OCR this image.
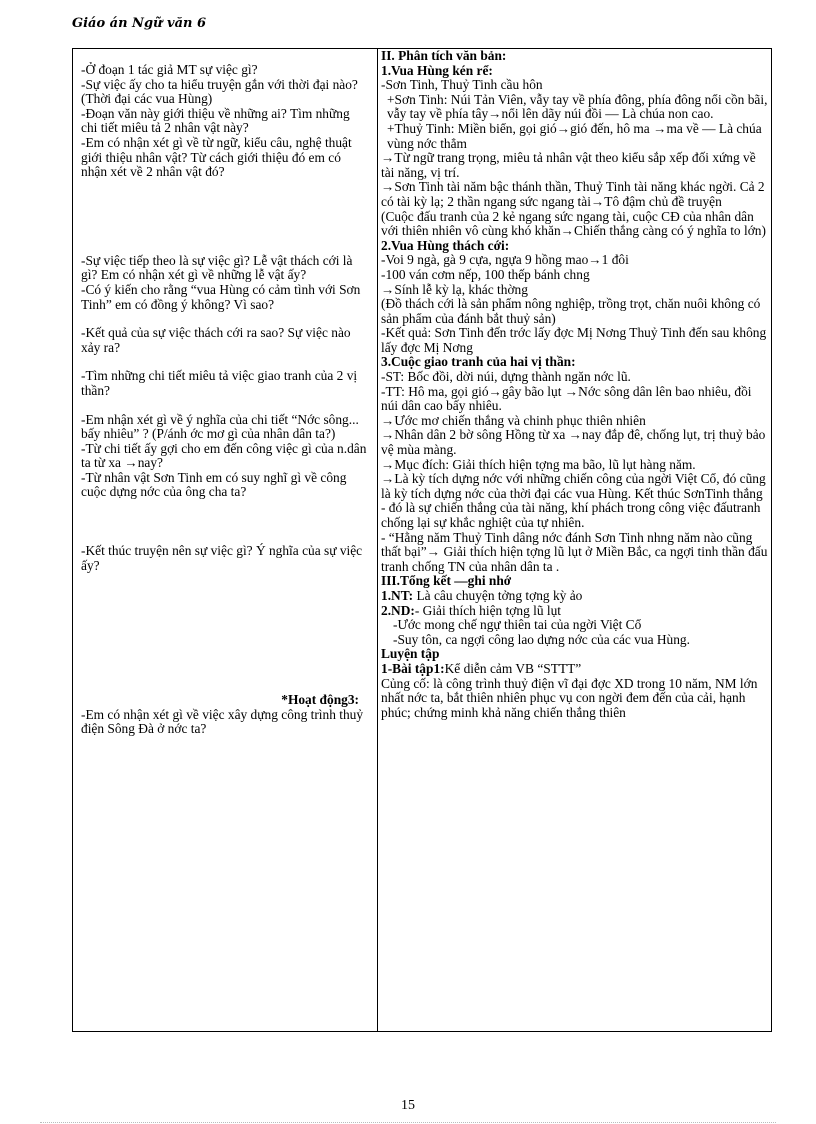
Giáo án Ngữ văn 6

-Ở đoạn 1 tác giả MT sự việc gì?

-Sự việc ấy cho ta hiểu truyện gắn với thời đại nào? (Thời đại các vua Hùng)

-Đoạn văn này giới thiệu về những ai? Tìm những chi tiết miêu tả 2 nhân vật này?

-Em có nhận xét gì về từ ngữ, kiểu câu, nghệ thuật giới thiệu nhân vật? Từ cách giới thiệu đó em có nhận xét về 2 nhân vật đó?

-Sự việc tiếp theo là sự việc gì? Lễ vật thách cới là gì? Em có nhận xét gì về những lễ vật ấy?

-Có ý kiến cho rằng “vua Hùng có cảm tình với Sơn Tinh” em có đồng ý không? Vì sao?

-Kết quả của sự việc thách cới ra sao? Sự việc nào xảy ra?

-Tìm những chi tiết miêu tả việc giao tranh của 2 vị thần?

-Em nhận xét gì về ý nghĩa của chi tiết “Nớc sông... bấy nhiêu” ? (P/ánh ớc mơ gì của nhân dân ta?)

-Từ chi tiết ấy gợi cho em đến công việc gì của n.dân ta từ xa →nay?

-Từ nhân vật Sơn Tinh em có suy nghĩ gì về công cuộc dựng nớc của ông cha ta?

-Kết thúc truyện nên sự việc gì? Ý nghĩa của sự việc ấy?

*Hoạt động3:

-Em có nhận xét gì về việc xây dựng công trình thuỷ điện Sông Đà ở nớc ta?

II. Phân tích văn bản:

1.Vua Hùng kén rể:

-Sơn Tinh, Thuỷ Tinh cầu hôn

+Sơn Tinh: Núi Tản Viên, vẫy tay về phía đông, phía đông nổi cồn bãi, vẫy tay về phía tây→nổi lên dãy núi đồi — Là chúa non cao.

+Thuỷ Tinh: Miền biển, gọi gió→gió đến, hô ma →ma về — Là chúa vùng nớc thẳm

→Từ ngữ trang trọng, miêu tả nhân vật theo kiểu sắp xếp đối xứng về tài năng, vị trí.

→Sơn Tinh tài năm bậc thánh thần, Thuỷ Tinh tài năng khác ngời. Cả 2 có tài kỳ lạ; 2 thần ngang sức ngang tài→Tô đậm chủ đề truyện

(Cuộc đấu tranh của 2 kẻ ngang sức ngang tài, cuộc CĐ của nhân dân với thiên nhiên vô cùng khó khăn→Chiến thắng càng có ý nghĩa to lớn)

2.Vua Hùng thách cới:

-Voi 9 ngà, gà 9 cựa, ngựa 9 hồng mao→1 đôi

-100 ván cơm nếp, 100 thếp bánh chng

→Sính lễ kỳ lạ, khác thờng

(Đồ thách cới là sản phẩm nông nghiệp, trồng trọt, chăn nuôi không có sản phẩm của đánh bắt thuỷ sản)

-Kết quả: Sơn Tinh đến trớc lấy đợc Mị Nơng Thuỷ Tinh đến sau không lấy đợc Mị Nơng

3.Cuộc giao tranh của hai vị thần:

-ST: Bốc đồi, dời núi, dựng thành ngăn nớc lũ.

-TT: Hô ma, gọi gió→gây bão lụt →Nớc sông dân lên bao nhiêu, đồi núi dân cao bấy nhiêu.

→Ước mơ chiến thắng và chinh phục thiên nhiên

→Nhân dân 2 bờ sông Hồng từ xa →nay đắp đê, chống lụt, trị thuỷ bảo vệ mùa màng.

→Mục đích: Giải thích hiện tợng ma bão, lũ lụt hàng năm.

→Là kỳ tích dựng nớc với những chiến công của ngời Việt Cổ, đó cũng là kỳ tích dựng nớc của thời đại các vua Hùng. Kết thúc SơnTinh thắng - đó là sự chiến thắng của tài năng, khí phách trong công việc đấutranh chống lại sự khắc nghiệt của tự nhiên.

- “Hằng năm Thuỷ Tinh dâng nớc đánh Sơn Tinh nhng năm nào cũng thất bại”→ Giải thích hiện tợng lũ lụt ở Miền Bắc, ca ngợi tinh thần đấu tranh chống TN của nhân dân ta .

III.Tổng kết —ghi nhớ

1.NT: Là câu chuyện tởng tợng kỳ ảo

2.ND:- Giải thích hiện tợng lũ lụt

-Ước mong chế ngự thiên tai của ngời Việt Cổ

-Suy tôn, ca ngợi công lao dựng nớc của các vua Hùng.

Luyện tập

1-Bài tập1:Kể diễn cảm VB “STTT”

Củng cố: là công trình thuỷ điện vĩ đại đợc XD trong 10 năm, NM lớn nhất nớc ta, bắt thiên nhiên phục vụ con ngời đem đến của cải, hạnh phúc; chứng minh khả năng chiến thắng thiên

15
